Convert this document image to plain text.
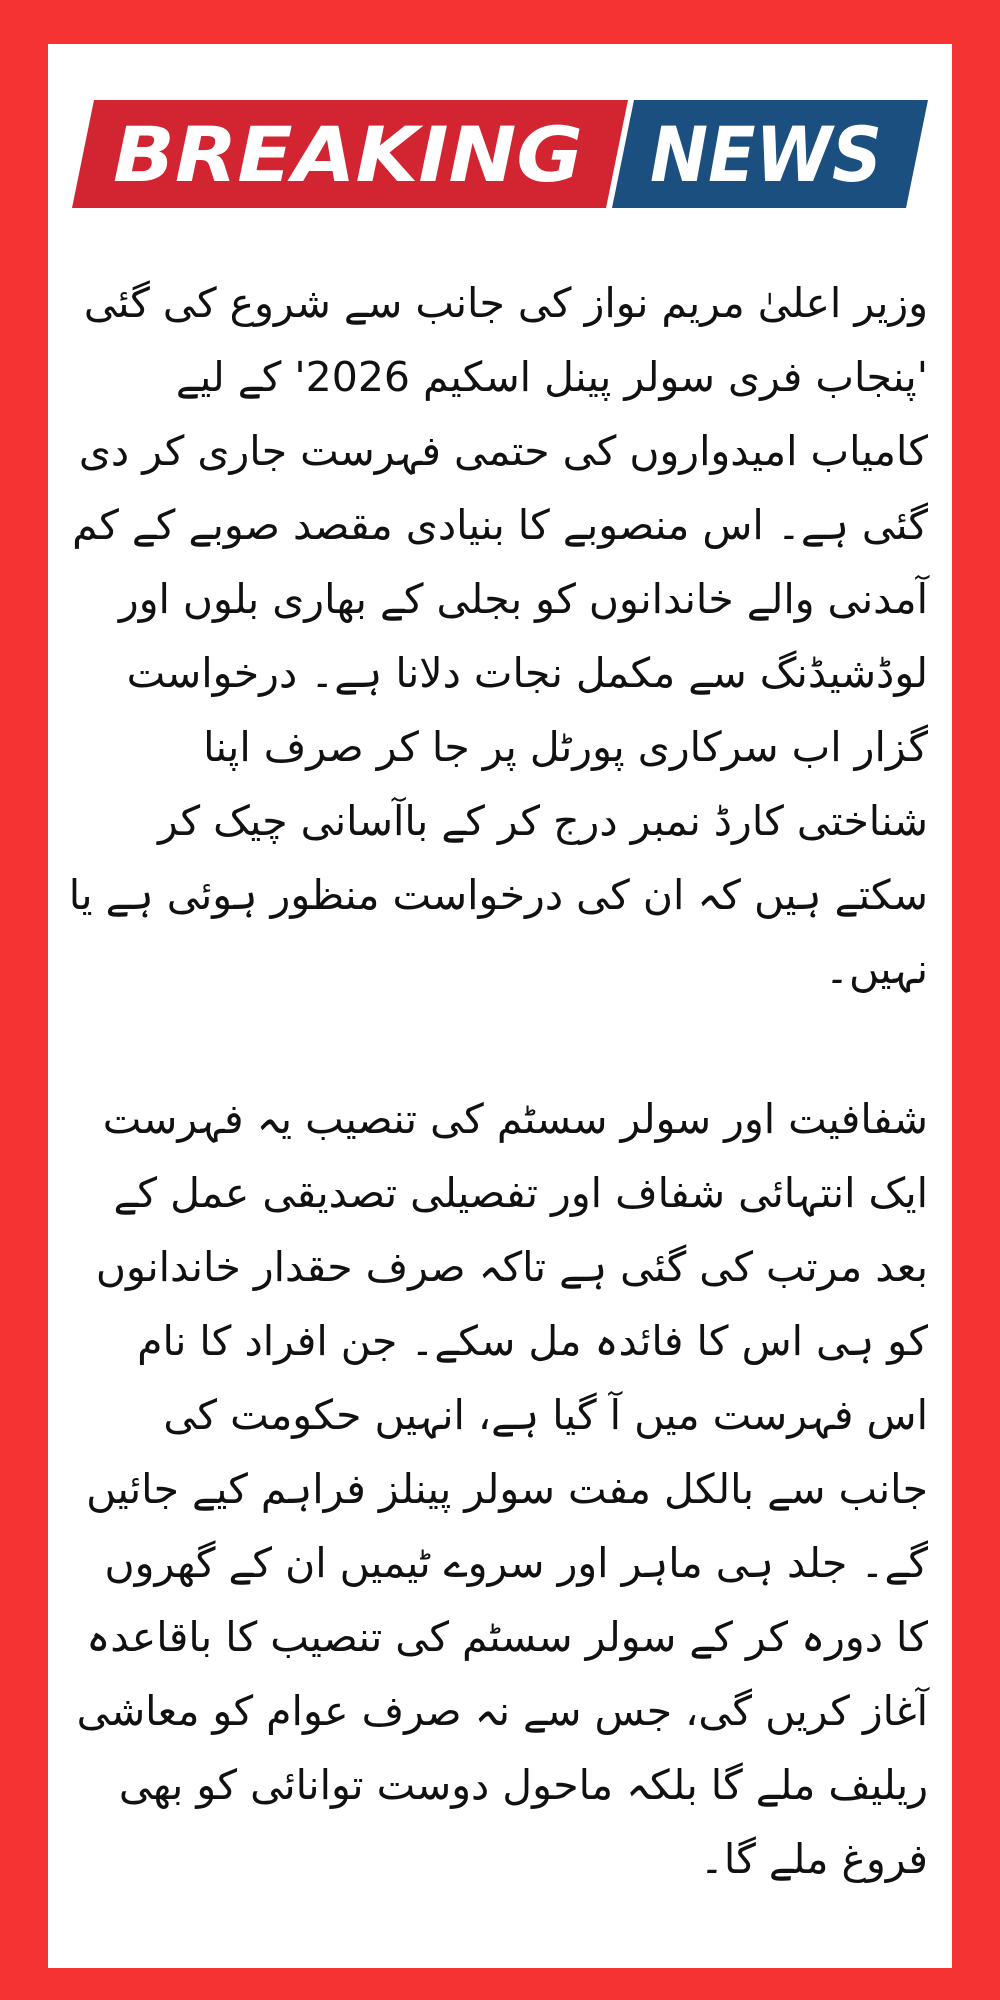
BREAKING NEWS

وزیر اعلیٰ مریم نواز کی جانب سے شروع کی گئی 'پنجاب فری سولر پینل اسکیم 2026' کے لیے کامیاب امیدواروں کی حتمی فہرست جاری کر دی گئی ہے۔ اس منصوبے کا بنیادی مقصد صوبے کے کم آمدنی والے خاندانوں کو بجلی کے بھاری بلوں اور لوڈشیڈنگ سے مکمل نجات دلانا ہے۔ درخواست گزار اب سرکاری پورٹل پر جا کر صرف اپنا شناختی کارڈ نمبر درج کر کے باآسانی چیک کر سکتے ہیں کہ ان کی درخواست منظور ہوئی ہے یا نہیں۔

شفافیت اور سولر سسٹم کی تنصیب یہ فہرست ایک انتہائی شفاف اور تفصیلی تصدیقی عمل کے بعد مرتب کی گئی ہے تاکہ صرف حقدار خاندانوں کو ہی اس کا فائدہ مل سکے۔ جن افراد کا نام اس فہرست میں آ گیا ہے، انہیں حکومت کی جانب سے بالکل مفت سولر پینلز فراہم کیے جائیں گے۔ جلد ہی ماہر اور سروے ٹیمیں ان کے گھروں کا دورہ کر کے سولر سسٹم کی تنصیب کا باقاعدہ آغاز کریں گی، جس سے نہ صرف عوام کو معاشی ریلیف ملے گا بلکہ ماحول دوست توانائی کو بھی فروغ ملے گا۔
